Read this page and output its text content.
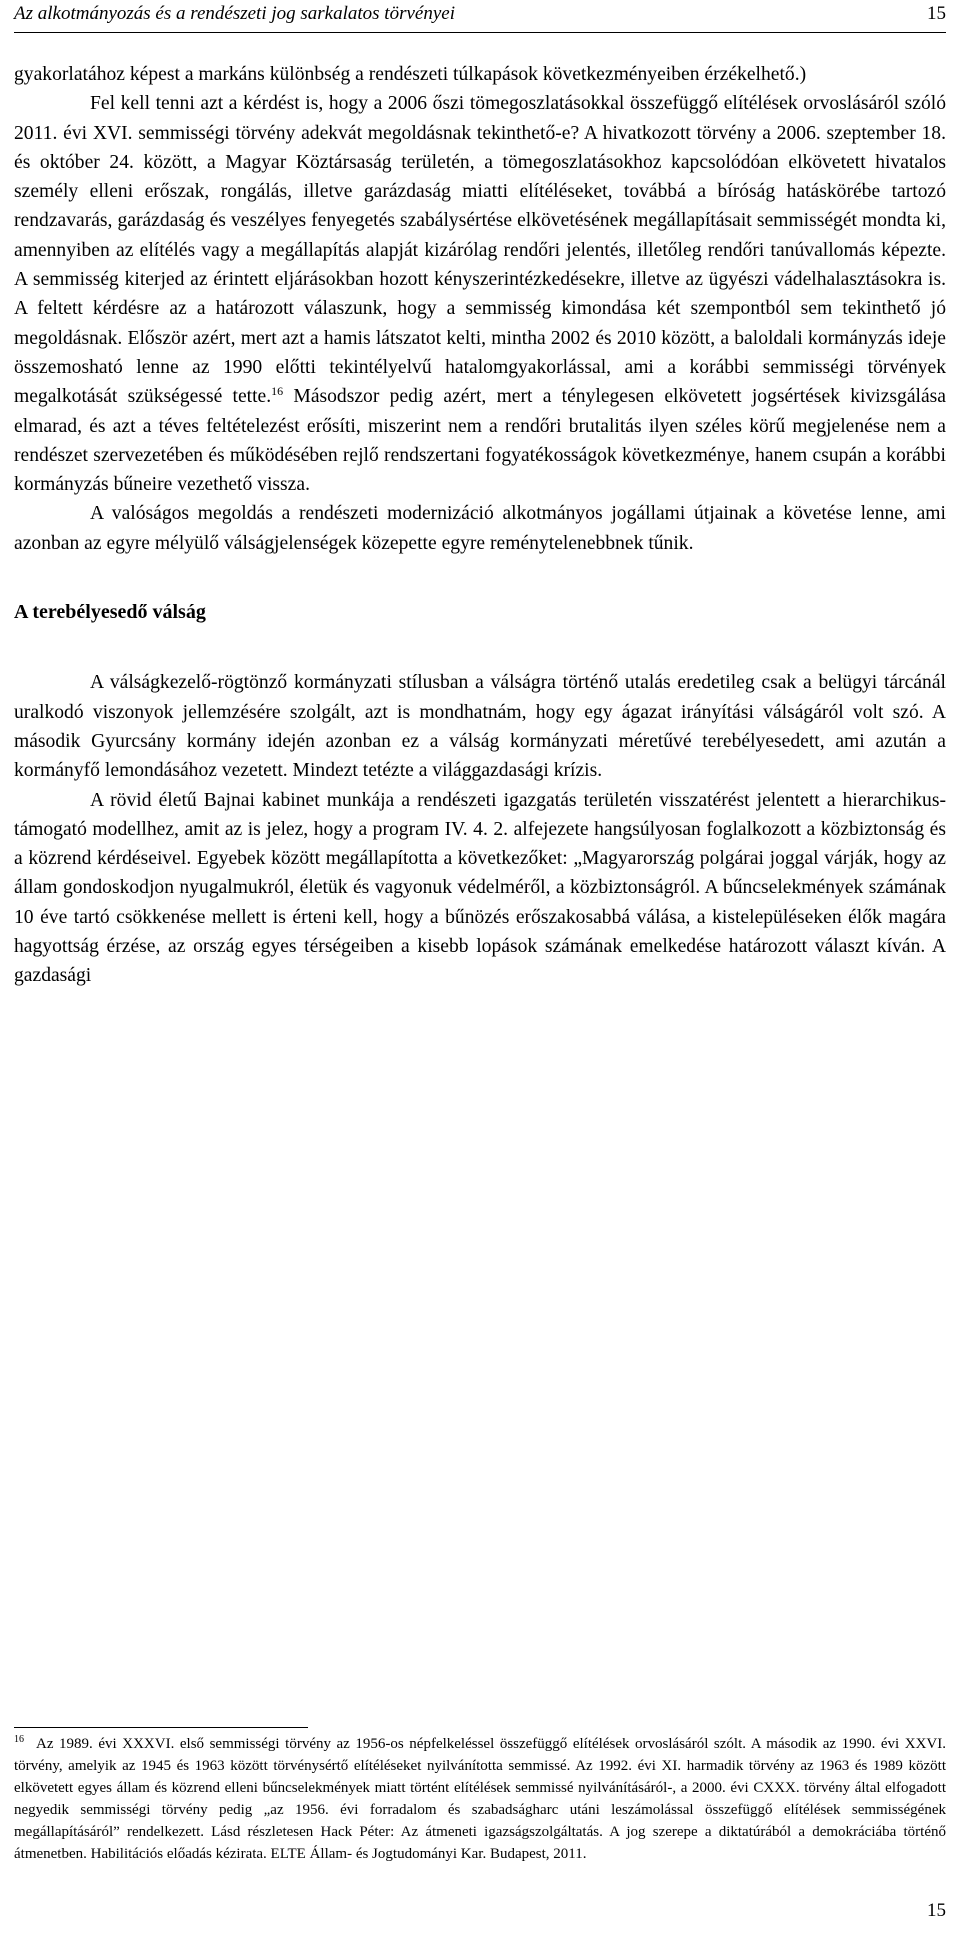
Az alkotmányozás és a rendészeti jog sarkalatos törvényei	15

gyakorlatához képest a markáns különbség a rendészeti túlkapások következményeiben érzékelhető.)

Fel kell tenni azt a kérdést is, hogy a 2006 őszi tömegoszlatásokkal összefüggő elítélések orvoslásáról szóló 2011. évi XVI. semmisségi törvény adekvát megoldásnak tekinthető-e? A hivatkozott törvény a 2006. szeptember 18. és október 24. között, a Magyar Köztársaság területén, a tömegoszlatásokhoz kapcsolódóan elkövetett hivatalos személy elleni erőszak, rongálás, illetve garázdaság miatti elítéléseket, továbbá a bíróság hatáskörébe tartozó rendzavarás, garázdaság és veszélyes fenyegetés szabálysértése elkövetésének megállapításait semmisségét mondta ki, amennyiben az elítélés vagy a megállapítás alapját kizárólag rendőri jelentés, illetőleg rendőri tanúvallomás képezte. A semmisség kiterjed az érintett eljárásokban hozott kényszerintézkedésekre, illetve az ügyészi vádelhalasztásokra is. A feltett kérdésre az a határozott válaszunk, hogy a semmisség kimondása két szempontból sem tekinthető jó megoldásnak. Először azért, mert azt a hamis látszatot kelti, mintha 2002 és 2010 között, a baloldali kormányzás ideje összemosható lenne az 1990 előtti tekintélyelvű hatalomgyakorlással, ami a korábbi semmisségi törvények megalkotását szükségessé tette.$^{16}$ Másodszor pedig azért, mert a ténylegesen elkövetett jogsértések kivizsgálása elmarad, és azt a téves feltételezést erősíti, miszerint nem a rendőri brutalitás ilyen széles körű megjelenése nem a rendészet szervezetében és működésében rejlő rendszertani fogyatékosságok következménye, hanem csupán a korábbi kormányzás bűneire vezethető vissza.

A valóságos megoldás a rendészeti modernizáció alkotmányos jogállami útjainak a követése lenne, ami azonban az egyre mélyülő válságjelenségek közepette egyre reménytelenebbnek tűnik.

A terebélyesedő válság

A válságkezelő-rögtönző kormányzati stílusban a válságra történő utalás eredetileg csak a belügyi tárcánál uralkodó viszonyok jellemzésére szolgált, azt is mondhatnám, hogy egy ágazat irányítási válságáról volt szó. A második Gyurcsány kormány idején azonban ez a válság kormányzati méretűvé terebélyesedett, ami azután a kormányfő lemondásához vezetett. Mindezt tetézte a világgazdasági krízis.

A rövid életű Bajnai kabinet munkája a rendészeti igazgatás területén visszatérést jelentett a hierarchikus-támogató modellhez, amit az is jelez, hogy a program IV. 4. 2. alfejezete hangsúlyosan foglalkozott a közbiztonság és a közrend kérdéseivel. Egyebek között megállapította a következőket: „Magyarország polgárai joggal várják, hogy az állam gondoskodjon nyugalmukról, életük és vagyonuk védelméről, a közbiztonságról. A bűncselekmények számának 10 éve tartó csökkenése mellett is érteni kell, hogy a bűnözés erőszakosabbá válása, a kistelepüléseken élők magára hagyottság érzése, az ország egyes térségeiben a kisebb lopások számának emelkedése határozott választ kíván. A gazdasági

$^{16}$ Az 1989. évi XXXVI. első semmisségi törvény az 1956-os népfelkeléssel összefüggő elítélések orvoslásáról szólt. A második az 1990. évi XXVI. törvény, amelyik az 1945 és 1963 között törvénysértő elítéléseket nyilvánította semmissé. Az 1992. évi XI. harmadik törvény az 1963 és 1989 között elkövetett egyes állam és közrend elleni bűncselekmények miatt történt elítélések semmissé nyilvánításáról-, a 2000. évi CXXX. törvény által elfogadott negyedik semmisségi törvény pedig „az 1956. évi forradalom és szabadságharc utáni leszámolással összefüggő elítélések semmisségének megállapításáról” rendelkezett. Lásd részletesen Hack Péter: Az átmeneti igazságszolgáltatás. A jog szerepe a diktatúrából a demokráciába történő átmenetben. Habilitációs előadás kézirata. ELTE Állam- és Jogtudományi Kar. Budapest, 2011.

15
